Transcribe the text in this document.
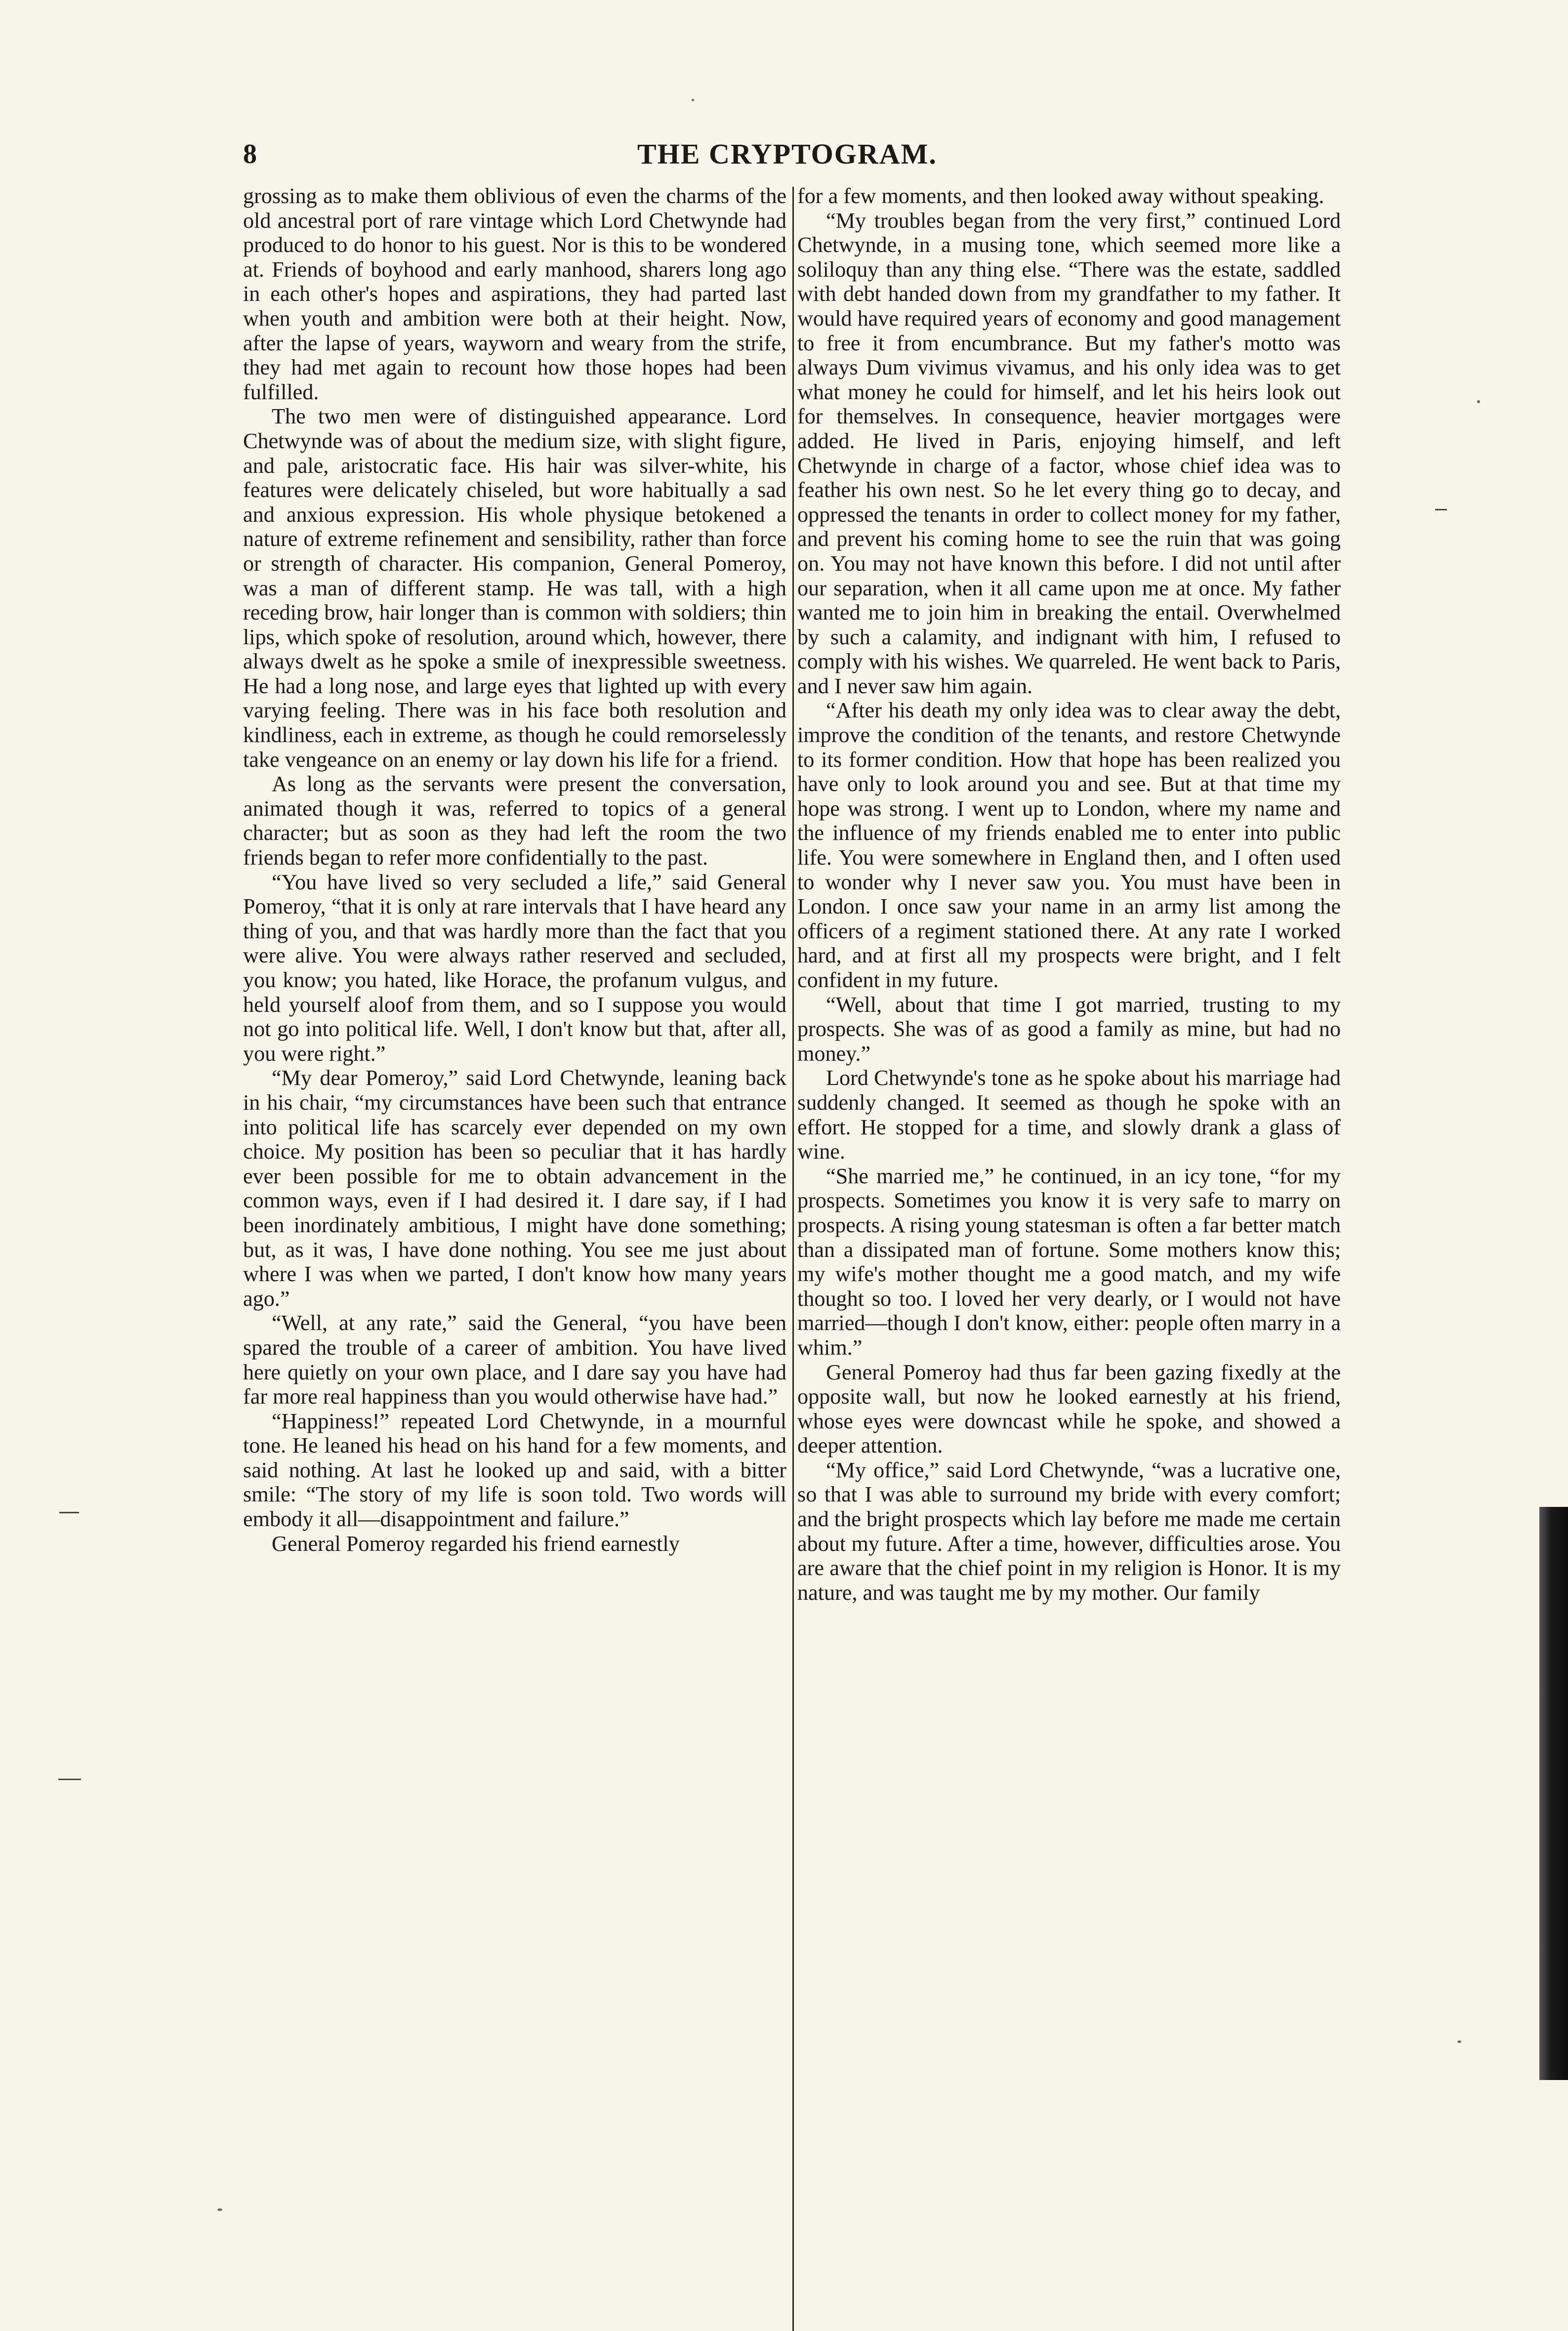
8	THE CRYPTOGRAM.

grossing as to make them oblivious of even the charms of the old ancestral port of rare vintage which Lord Chetwynde had produced to do honor to his guest. Nor is this to be wondered at. Friends of boyhood and early manhood, sharers long ago in each other's hopes and aspirations, they had parted last when youth and ambition were both at their height. Now, after the lapse of years, wayworn and weary from the strife, they had met again to recount how those hopes had been fulfilled.

The two men were of distinguished appearance. Lord Chetwynde was of about the medium size, with slight figure, and pale, aristocratic face. His hair was silver-white, his features were delicately chiseled, but wore habitually a sad and anxious expression. His whole physique betokened a nature of extreme refinement and sensibility, rather than force or strength of character. His companion, General Pomeroy, was a man of different stamp. He was tall, with a high receding brow, hair longer than is common with soldiers; thin lips, which spoke of resolution, around which, however, there always dwelt as he spoke a smile of inexpressible sweetness. He had a long nose, and large eyes that lighted up with every varying feeling. There was in his face both resolution and kindliness, each in extreme, as though he could remorselessly take vengeance on an enemy or lay down his life for a friend.

As long as the servants were present the conversation, animated though it was, referred to topics of a general character; but as soon as they had left the room the two friends began to refer more confidentially to the past.

“You have lived so very secluded a life,” said General Pomeroy, “that it is only at rare intervals that I have heard any thing of you, and that was hardly more than the fact that you were alive. You were always rather reserved and secluded, you know; you hated, like Horace, the profanum vulgus, and held yourself aloof from them, and so I suppose you would not go into political life. Well, I don't know but that, after all, you were right.”

“My dear Pomeroy,” said Lord Chetwynde, leaning back in his chair, “my circumstances have been such that entrance into political life has scarcely ever depended on my own choice. My position has been so peculiar that it has hardly ever been possible for me to obtain advancement in the common ways, even if I had desired it. I dare say, if I had been inordinately ambitious, I might have done something; but, as it was, I have done nothing. You see me just about where I was when we parted, I don't know how many years ago.”

“Well, at any rate,” said the General, “you have been spared the trouble of a career of ambition. You have lived here quietly on your own place, and I dare say you have had far more real happiness than you would otherwise have had.”

“Happiness!” repeated Lord Chetwynde, in a mournful tone. He leaned his head on his hand for a few moments, and said nothing. At last he looked up and said, with a bitter smile: “The story of my life is soon told. Two words will embody it all—disappointment and failure.”

General Pomeroy regarded his friend earnestly

for a few moments, and then looked away without speaking.

“My troubles began from the very first,” continued Lord Chetwynde, in a musing tone, which seemed more like a soliloquy than any thing else. “There was the estate, saddled with debt handed down from my grandfather to my father. It would have required years of economy and good management to free it from encumbrance. But my father's motto was always Dum vivimus vivamus, and his only idea was to get what money he could for himself, and let his heirs look out for themselves. In consequence, heavier mortgages were added. He lived in Paris, enjoying himself, and left Chetwynde in charge of a factor, whose chief idea was to feather his own nest. So he let every thing go to decay, and oppressed the tenants in order to collect money for my father, and prevent his coming home to see the ruin that was going on. You may not have known this before. I did not until after our separation, when it all came upon me at once. My father wanted me to join him in breaking the entail. Overwhelmed by such a calamity, and indignant with him, I refused to comply with his wishes. We quarreled. He went back to Paris, and I never saw him again.

“After his death my only idea was to clear away the debt, improve the condition of the tenants, and restore Chetwynde to its former condition. How that hope has been realized you have only to look around you and see. But at that time my hope was strong. I went up to London, where my name and the influence of my friends enabled me to enter into public life. You were somewhere in England then, and I often used to wonder why I never saw you. You must have been in London. I once saw your name in an army list among the officers of a regiment stationed there. At any rate I worked hard, and at first all my prospects were bright, and I felt confident in my future.

“Well, about that time I got married, trusting to my prospects. She was of as good a family as mine, but had no money.”

Lord Chetwynde's tone as he spoke about his marriage had suddenly changed. It seemed as though he spoke with an effort. He stopped for a time, and slowly drank a glass of wine.

“She married me,” he continued, in an icy tone, “for my prospects. Sometimes you know it is very safe to marry on prospects. A rising young statesman is often a far better match than a dissipated man of fortune. Some mothers know this; my wife's mother thought me a good match, and my wife thought so too. I loved her very dearly, or I would not have married—though I don't know, either: people often marry in a whim.”

General Pomeroy had thus far been gazing fixedly at the opposite wall, but now he looked earnestly at his friend, whose eyes were downcast while he spoke, and showed a deeper attention.

“My office,” said Lord Chetwynde, “was a lucrative one, so that I was able to surround my bride with every comfort; and the bright prospects which lay before me made me certain about my future. After a time, however, difficulties arose. You are aware that the chief point in my religion is Honor. It is my nature, and was taught me by my mother. Our family
